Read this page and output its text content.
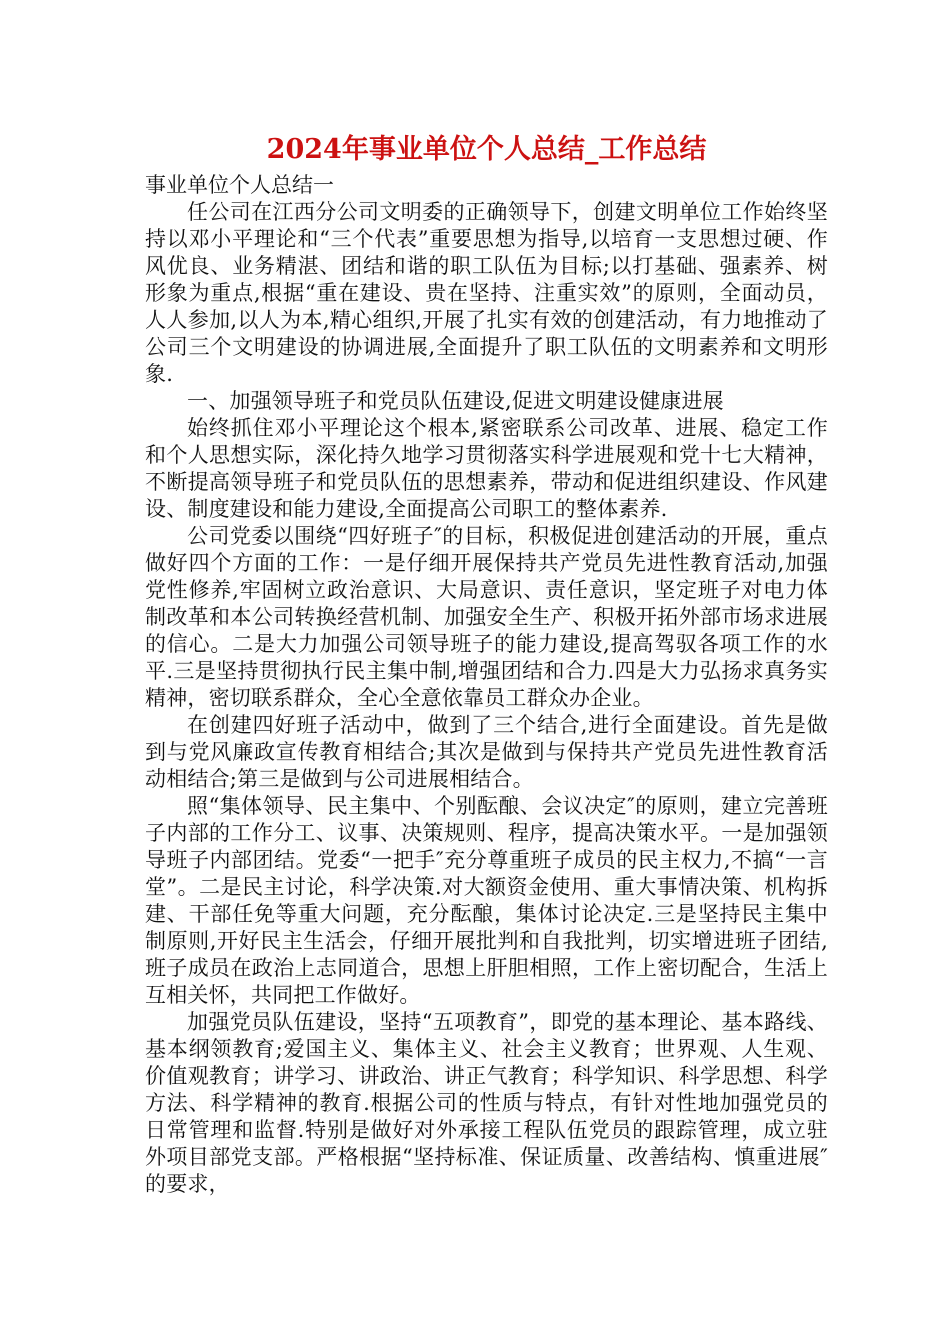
2024年事业单位个人总结_工作总结

事业单位个人总结一

任公司在江西分公司文明委的正确领导下，创建文明单位工作始终坚持以邓小平理论和“三个代表”重要思想为指导,以培育一支思想过硬、作风优良、业务精湛、团结和谐的职工队伍为目标;以打基础、强素养、树形象为重点,根据“重在建设、贵在坚持、注重实效”的原则，全面动员，人人参加,以人为本,精心组织,开展了扎实有效的创建活动，有力地推动了公司三个文明建设的协调进展,全面提升了职工队伍的文明素养和文明形象.

一、加强领导班子和党员队伍建设,促进文明建设健康进展

始终抓住邓小平理论这个根本,紧密联系公司改革、进展、稳定工作和个人思想实际，深化持久地学习贯彻落实科学进展观和党十七大精神，不断提高领导班子和党员队伍的思想素养，带动和促进组织建设、作风建设、制度建设和能力建设,全面提高公司职工的整体素养.

公司党委以围绕“四好班子″的目标，积极促进创建活动的开展，重点做好四个方面的工作：一是仔细开展保持共产党员先进性教育活动,加强党性修养,牢固树立政治意识、大局意识、责任意识，坚定班子对电力体制改革和本公司转换经营机制、加强安全生产、积极开拓外部市场求进展的信心。二是大力加强公司领导班子的能力建设,提高驾驭各项工作的水平.三是坚持贯彻执行民主集中制,增强团结和合力.四是大力弘扬求真务实精神，密切联系群众，全心全意依靠员工群众办企业。

在创建四好班子活动中，做到了三个结合,进行全面建设。首先是做到与党风廉政宣传教育相结合;其次是做到与保持共产党员先进性教育活动相结合;第三是做到与公司进展相结合。

照“集体领导、民主集中、个别酝酿、会议决定″的原则，建立完善班子内部的工作分工、议事、决策规则、程序，提高决策水平。一是加强领导班子内部团结。党委“一把手″充分尊重班子成员的民主权力,不搞“一言堂”。二是民主讨论，科学决策.对大额资金使用、重大事情决策、机构拆建、干部任免等重大问题，充分酝酿，集体讨论决定.三是坚持民主集中制原则,开好民主生活会，仔细开展批判和自我批判，切实增进班子团结,班子成员在政治上志同道合，思想上肝胆相照，工作上密切配合，生活上互相关怀，共同把工作做好。

加强党员队伍建设，坚持“五项教育”，即党的基本理论、基本路线、基本纲领教育;爱国主义、集体主义、社会主义教育；世界观、人生观、价值观教育；讲学习、讲政治、讲正气教育；科学知识、科学思想、科学方法、科学精神的教育.根据公司的性质与特点，有针对性地加强党员的日常管理和监督.特别是做好对外承接工程队伍党员的跟踪管理，成立驻外项目部党支部。严格根据“坚持标准、保证质量、改善结构、慎重进展″的要求，
